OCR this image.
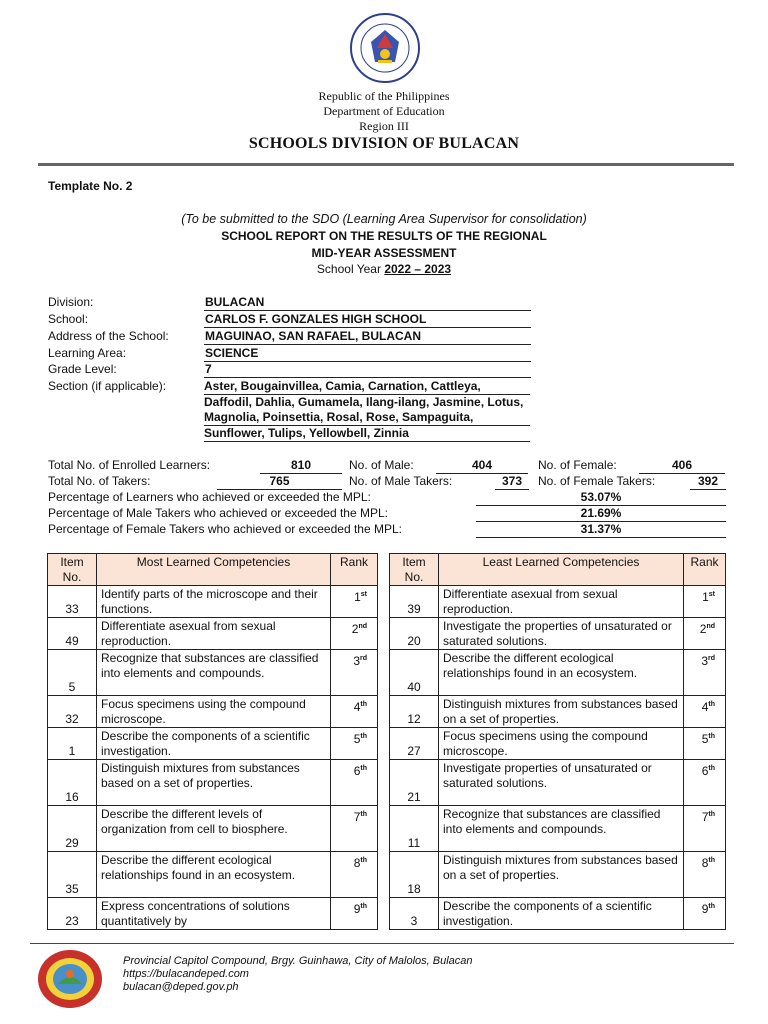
Republic of the Philippines
Department of Education
Region III
SCHOOLS DIVISION OF BULACAN
Template No. 2
(To be submitted to the SDO (Learning Area Supervisor for consolidation)
SCHOOL REPORT ON THE RESULTS OF THE REGIONAL
MID-YEAR ASSESSMENT
School Year 2022 – 2023
Division:	BULACAN
School:	CARLOS F. GONZALES HIGH SCHOOL
Address of the School:	MAGUINAO, SAN RAFAEL, BULACAN
Learning Area:	SCIENCE
Grade Level:	7
Section (if applicable):	Aster, Bougainvillea, Camia, Carnation, Cattleya, Daffodil, Dahlia, Gumamela, Ilang-ilang, Jasmine, Lotus, Magnolia, Poinsettia, Rosal, Rose, Sampaguita, Sunflower, Tulips, Yellowbell, Zinnia
Total No. of Enrolled Learners:	810	No. of Male:	404	No. of Female:	406
Total No. of Takers:	765	No. of Male Takers:	373	No. of Female Takers:	392
Percentage of Learners who achieved or exceeded the MPL:	53.07%
Percentage of Male Takers who achieved or exceeded the MPL:	21.69%
Percentage of Female Takers who achieved or exceeded the MPL:	31.37%
Item No.	Most Learned Competencies	Rank
33	Identify parts of the microscope and their functions.	1st
49	Differentiate asexual from sexual reproduction.	2nd
5	Recognize that substances are classified into elements and compounds.	3rd
32	Focus specimens using the compound microscope.	4th
1	Describe the components of a scientific investigation.	5th
16	Distinguish mixtures from substances based on a set of properties.	6th
29	Describe the different levels of organization from cell to biosphere.	7th
35	Describe the different ecological relationships found in an ecosystem.	8th
23	Express concentrations of solutions quantitatively by	9th
Item No.	Least Learned Competencies	Rank
39	Differentiate asexual from sexual reproduction.	1st
20	Investigate the properties of unsaturated or saturated solutions.	2nd
40	Describe the different ecological relationships found in an ecosystem.	3rd
12	Distinguish mixtures from substances based on a set of properties.	4th
27	Focus specimens using the compound microscope.	5th
21	Investigate properties of unsaturated or saturated solutions.	6th
11	Recognize that substances are classified into elements and compounds.	7th
18	Distinguish mixtures from substances based on a set of properties.	8th
3	Describe the components of a scientific investigation.	9th
Provincial Capitol Compound, Brgy. Guinhawa, City of Malolos, Bulacan
https://bulacandeped.com
bulacan@deped.gov.ph
